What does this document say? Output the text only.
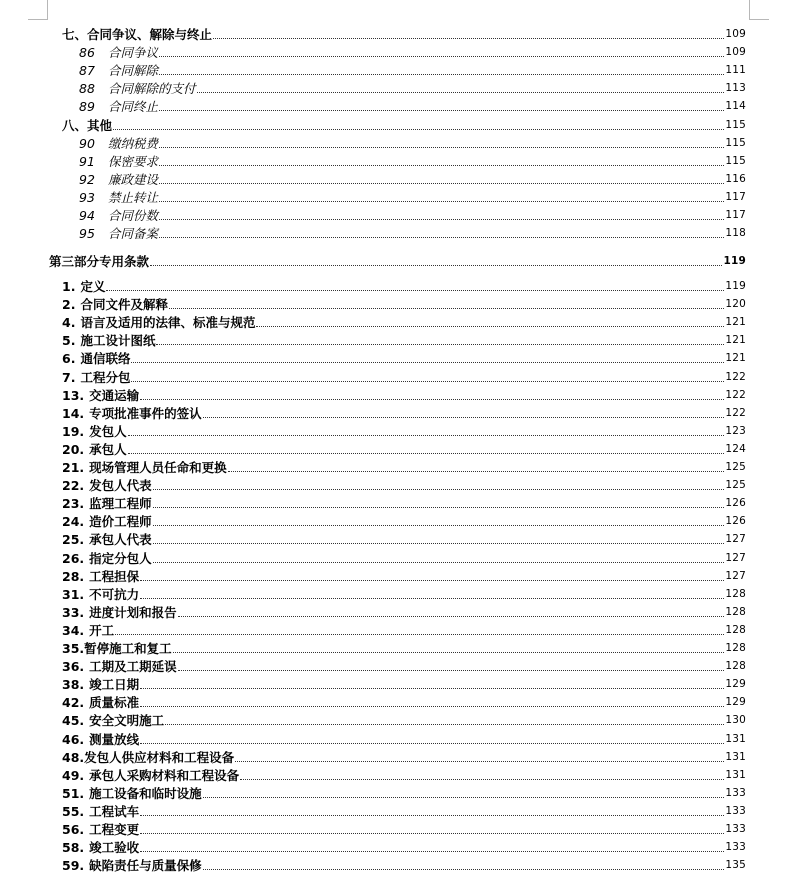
七、合同争议、解除与终止	109
86	合同争议	109
87	合同解除	111
88	合同解除的支付	113
89	合同终止	114
八、其他	115
90	缴纳税费	115
91	保密要求	115
92	廉政建设	116
93	禁止转让	117
94	合同份数	117
95	合同备案	118
第三部分专用条款	119
1. 定义	119
2. 合同文件及解释	120
4. 语言及适用的法律、标准与规范	121
5. 施工设计图纸	121
6. 通信联络	121
7. 工程分包	122
13. 交通运输	122
14. 专项批准事件的签认	122
19. 发包人	123
20. 承包人	124
21. 现场管理人员任命和更换	125
22. 发包人代表	125
23. 监理工程师	126
24. 造价工程师	126
25. 承包人代表	127
26. 指定分包人	127
28. 工程担保	127
31. 不可抗力	128
33. 进度计划和报告	128
34. 开工	128
35. 暂停施工和复工	128
36. 工期及工期延误	128
38. 竣工日期	129
42. 质量标准	129
45. 安全文明施工	130
46. 测量放线	131
48. 发包人供应材料和工程设备	131
49. 承包人采购材料和工程设备	131
51. 施工设备和临时设施	133
55. 工程试车	133
56. 工程变更	133
58. 竣工验收	133
59. 缺陷责任与质量保修	135
